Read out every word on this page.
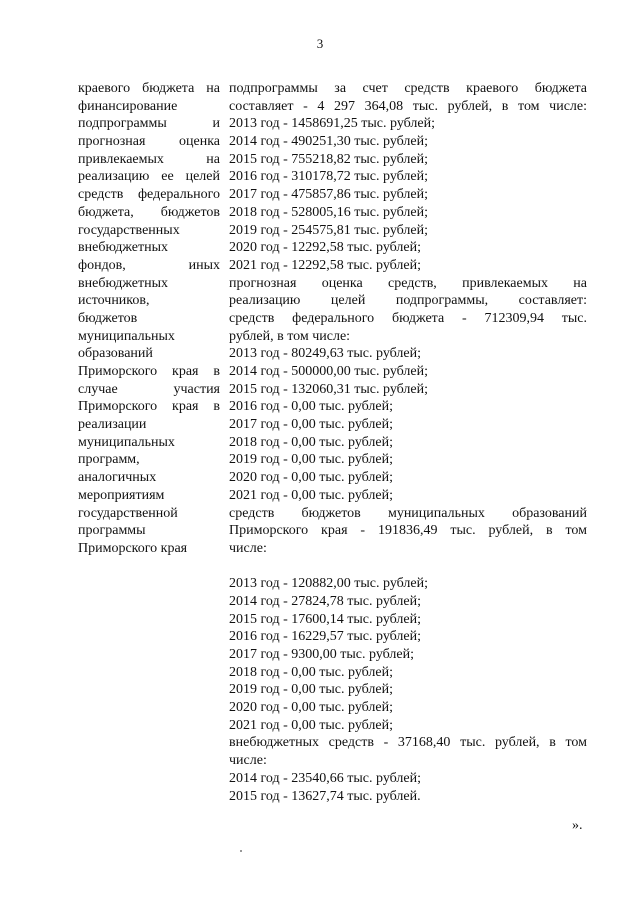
3
краевого бюджета на
финансирование
подпрограммы и
прогнозная оценка
привлекаемых на
реализацию ее целей
средств федерального
бюджета, бюджетов
государственных
внебюджетных
фондов, иных
внебюджетных
источников,
бюджетов
муниципальных
образований
Приморского края в
случае участия
Приморского края в
реализации
муниципальных
программ,
аналогичных
мероприятиям
государственной
программы
Приморского края
подпрограммы за счет средств краевого бюджета
составляет - 4 297 364,08 тыс. рублей, в том числе:
2013 год - 1458691,25 тыс. рублей;
2014 год - 490251,30 тыс. рублей;
2015 год - 755218,82 тыс. рублей;
2016 год - 310178,72 тыс. рублей;
2017 год - 475857,86 тыс. рублей;
2018 год - 528005,16 тыс. рублей;
2019 год - 254575,81 тыс. рублей;
2020 год - 12292,58 тыс. рублей;
2021 год - 12292,58 тыс. рублей;
прогнозная оценка средств, привлекаемых на
реализацию целей подпрограммы, составляет:
средств федерального бюджета - 712309,94 тыс.
рублей, в том числе:
2013 год - 80249,63 тыс. рублей;
2014 год - 500000,00 тыс. рублей;
2015 год - 132060,31 тыс. рублей;
2016 год - 0,00 тыс. рублей;
2017 год - 0,00 тыс. рублей;
2018 год - 0,00 тыс. рублей;
2019 год - 0,00 тыс. рублей;
2020 год - 0,00 тыс. рублей;
2021 год - 0,00 тыс. рублей;
средств бюджетов муниципальных образований
Приморского края - 191836,49 тыс. рублей, в том
числе:
2013 год - 120882,00 тыс. рублей;
2014 год - 27824,78 тыс. рублей;
2015 год - 17600,14 тыс. рублей;
2016 год - 16229,57 тыс. рублей;
2017 год - 9300,00 тыс. рублей;
2018 год - 0,00 тыс. рублей;
2019 год - 0,00 тыс. рублей;
2020 год - 0,00 тыс. рублей;
2021 год - 0,00 тыс. рублей;
внебюджетных средств - 37168,40 тыс. рублей, в том
числе:
2014 год - 23540,66 тыс. рублей;
2015 год - 13627,74 тыс. рублей.
».
